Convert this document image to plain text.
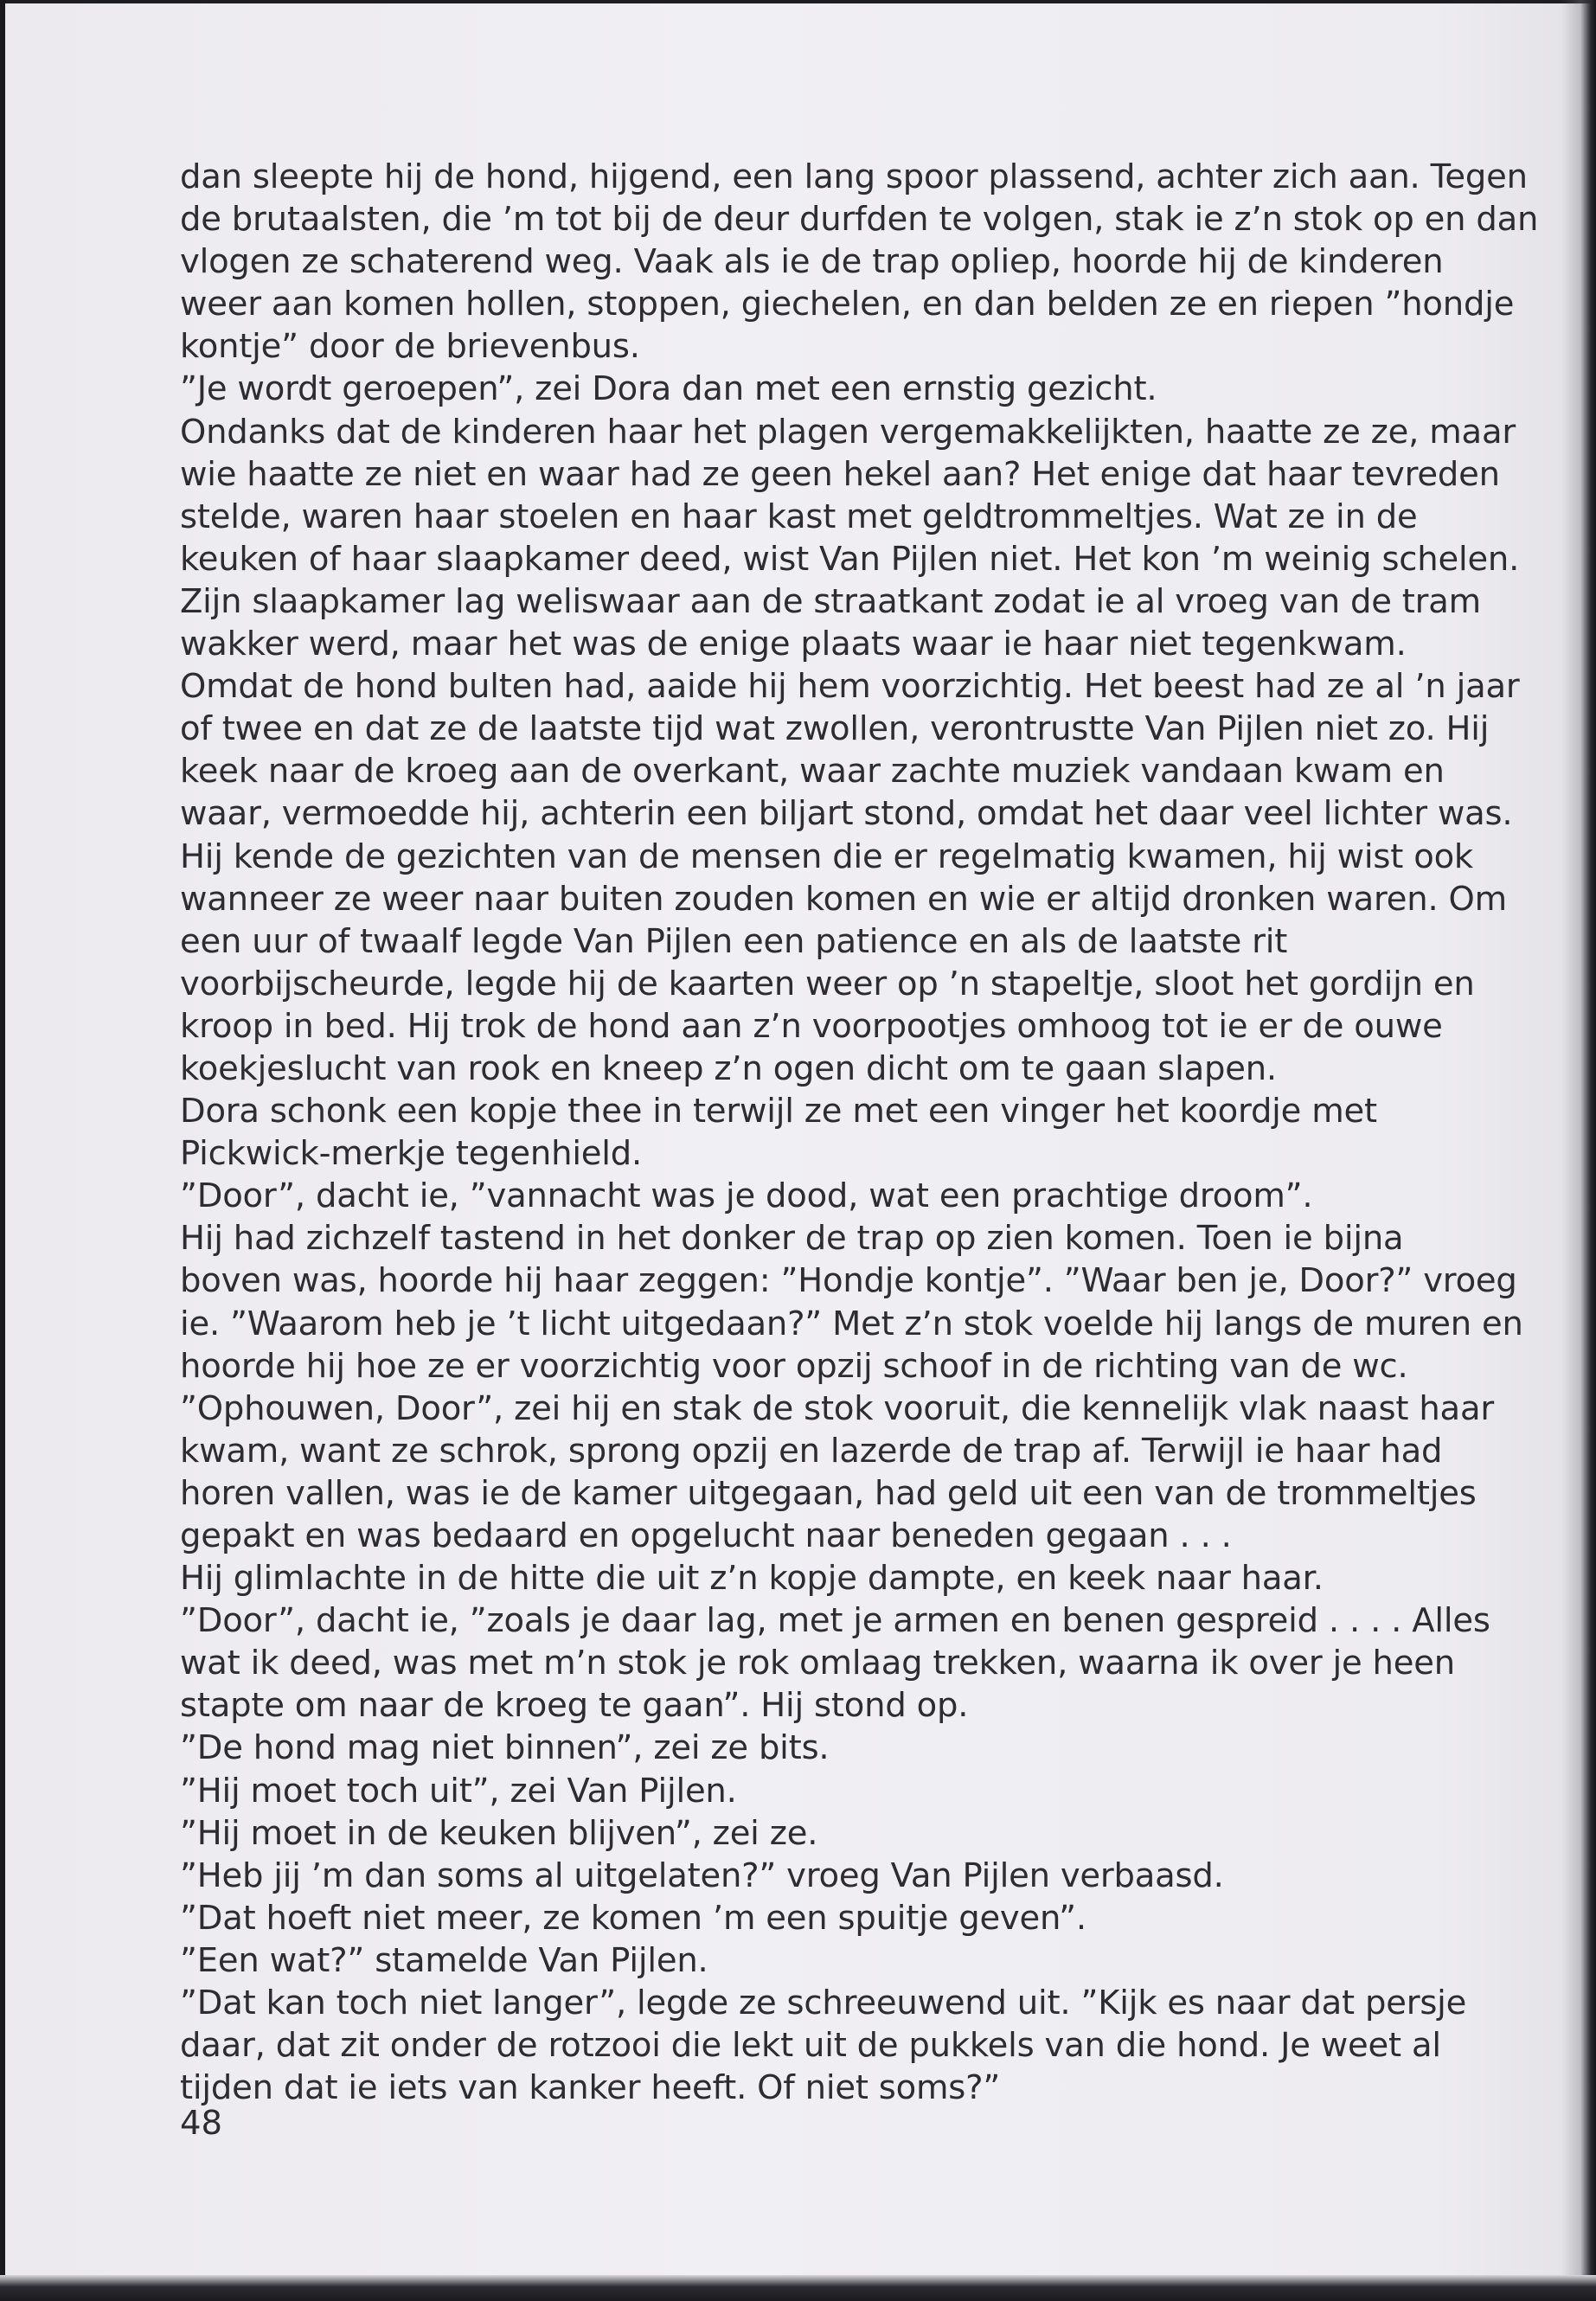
dan sleepte hij de hond, hijgend, een lang spoor plassend, achter zich aan. Tegen
de brutaalsten, die ’m tot bij de deur durfden te volgen, stak ie z’n stok op en dan
vlogen ze schaterend weg. Vaak als ie de trap opliep, hoorde hij de kinderen
weer aan komen hollen, stoppen, giechelen, en dan belden ze en riepen ”hondje
kontje” door de brievenbus.
”Je wordt geroepen”, zei Dora dan met een ernstig gezicht.
Ondanks dat de kinderen haar het plagen vergemakkelijkten, haatte ze ze, maar
wie haatte ze niet en waar had ze geen hekel aan? Het enige dat haar tevreden
stelde, waren haar stoelen en haar kast met geldtrommeltjes. Wat ze in de
keuken of haar slaapkamer deed, wist Van Pijlen niet. Het kon ’m weinig schelen.
Zijn slaapkamer lag weliswaar aan de straatkant zodat ie al vroeg van de tram
wakker werd, maar het was de enige plaats waar ie haar niet tegenkwam.
Omdat de hond bulten had, aaide hij hem voorzichtig. Het beest had ze al ’n jaar
of twee en dat ze de laatste tijd wat zwollen, verontrustte Van Pijlen niet zo. Hij
keek naar de kroeg aan de overkant, waar zachte muziek vandaan kwam en
waar, vermoedde hij, achterin een biljart stond, omdat het daar veel lichter was.
Hij kende de gezichten van de mensen die er regelmatig kwamen, hij wist ook
wanneer ze weer naar buiten zouden komen en wie er altijd dronken waren. Om
een uur of twaalf legde Van Pijlen een patience en als de laatste rit
voorbijscheurde, legde hij de kaarten weer op ’n stapeltje, sloot het gordijn en
kroop in bed. Hij trok de hond aan z’n voorpootjes omhoog tot ie er de ouwe
koekjeslucht van rook en kneep z’n ogen dicht om te gaan slapen.
Dora schonk een kopje thee in terwijl ze met een vinger het koordje met
Pickwick-merkje tegenhield.
”Door”, dacht ie, ”vannacht was je dood, wat een prachtige droom”.
Hij had zichzelf tastend in het donker de trap op zien komen. Toen ie bijna
boven was, hoorde hij haar zeggen: ”Hondje kontje”. ”Waar ben je, Door?” vroeg
ie. ”Waarom heb je ’t licht uitgedaan?” Met z’n stok voelde hij langs de muren en
hoorde hij hoe ze er voorzichtig voor opzij schoof in de richting van de wc.
”Ophouwen, Door”, zei hij en stak de stok vooruit, die kennelijk vlak naast haar
kwam, want ze schrok, sprong opzij en lazerde de trap af. Terwijl ie haar had
horen vallen, was ie de kamer uitgegaan, had geld uit een van de trommeltjes
gepakt en was bedaard en opgelucht naar beneden gegaan . . .
Hij glimlachte in de hitte die uit z’n kopje dampte, en keek naar haar.
”Door”, dacht ie, ”zoals je daar lag, met je armen en benen gespreid . . . . Alles
wat ik deed, was met m’n stok je rok omlaag trekken, waarna ik over je heen
stapte om naar de kroeg te gaan”. Hij stond op.
”De hond mag niet binnen”, zei ze bits.
”Hij moet toch uit”, zei Van Pijlen.
”Hij moet in de keuken blijven”, zei ze.
”Heb jij ’m dan soms al uitgelaten?” vroeg Van Pijlen verbaasd.
”Dat hoeft niet meer, ze komen ’m een spuitje geven”.
”Een wat?” stamelde Van Pijlen.
”Dat kan toch niet langer”, legde ze schreeuwend uit. ”Kijk es naar dat persje
daar, dat zit onder de rotzooi die lekt uit de pukkels van die hond. Je weet al
tijden dat ie iets van kanker heeft. Of niet soms?”
48
